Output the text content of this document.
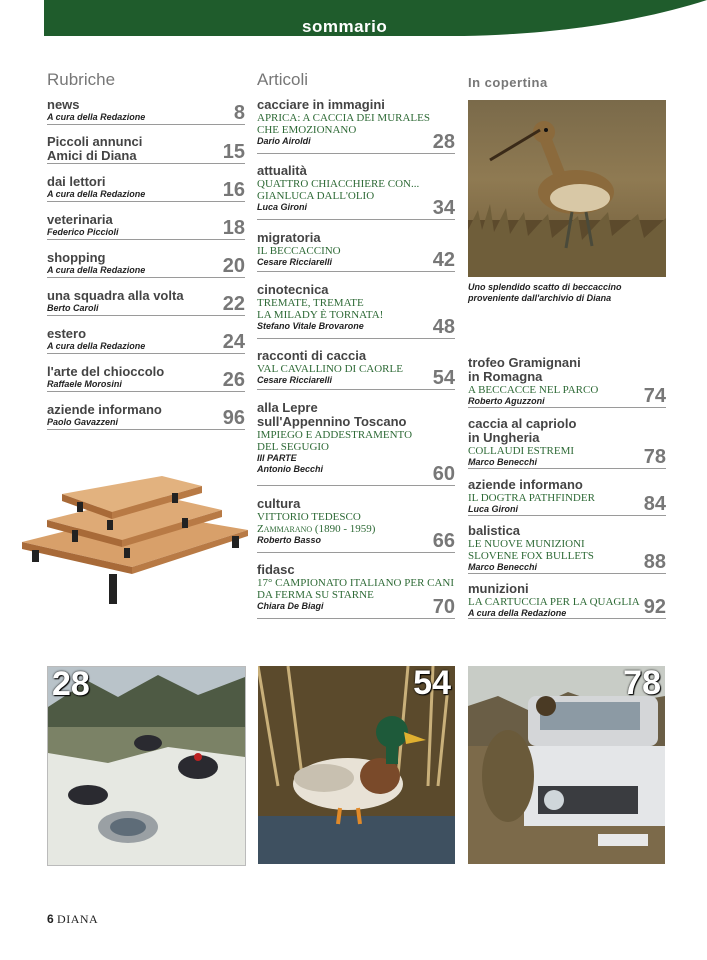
sommario
Rubriche	Articoli	In copertina
news
A cura della Redazione	8
Piccoli annunci
Amici di Diana	15
dai lettori
A cura della Redazione	16
veterinaria
Federico Piccioli	18
shopping
A cura della Redazione	20
una squadra alla volta
Berto Caroli	22
estero
A cura della Redazione	24
l'arte del chioccolo
Raffaele Morosini	26
aziende informano
Paolo Gavazzeni	96
cacciare in immagini
APRICA: A CACCIA DEI MURALES
CHE EMOZIONANO
Dario Airoldi	28
attualità
QUATTRO CHIACCHIERE CON...
GIANLUCA DALL'OLIO
Luca Gironi	34
migratoria
IL BECCACCINO
Cesare Ricciarelli	42
cinotecnica
TREMATE, TREMATE
LA MILADY È TORNATA!
Stefano Vitale Brovarone	48
racconti di caccia
VAL CAVALLINO DI CAORLE
Cesare Ricciarelli	54
alla Lepre
sull'Appennino Toscano
IMPIEGO E ADDESTRAMENTO
DEL SEGUGIO
III PARTE
Antonio Becchi	60
cultura
VITTORIO TEDESCO
Zammarano (1890 - 1959)
Roberto Basso	66
fidasc
17° CAMPIONATO ITALIANO PER CANI
DA FERMA SU STARNE
Chiara De Biagi	70
Uno splendido scatto di beccaccino
proveniente dall'archivio di Diana
trofeo Gramignani
in Romagna
A BECCACCE NEL PARCO
Roberto Aguzzoni	74
caccia al capriolo
in Ungheria
COLLAUDI ESTREMI
Marco Benecchi	78
aziende informano
IL DOGTRA PATHFINDER
Luca Gironi	84
balistica
LE NUOVE MUNIZIONI
SLOVENE FOX BULLETS
Marco Benecchi	88
munizioni
LA CARTUCCIA PER LA QUAGLIA
A cura della Redazione	92
28	54	78
6 DIANA
